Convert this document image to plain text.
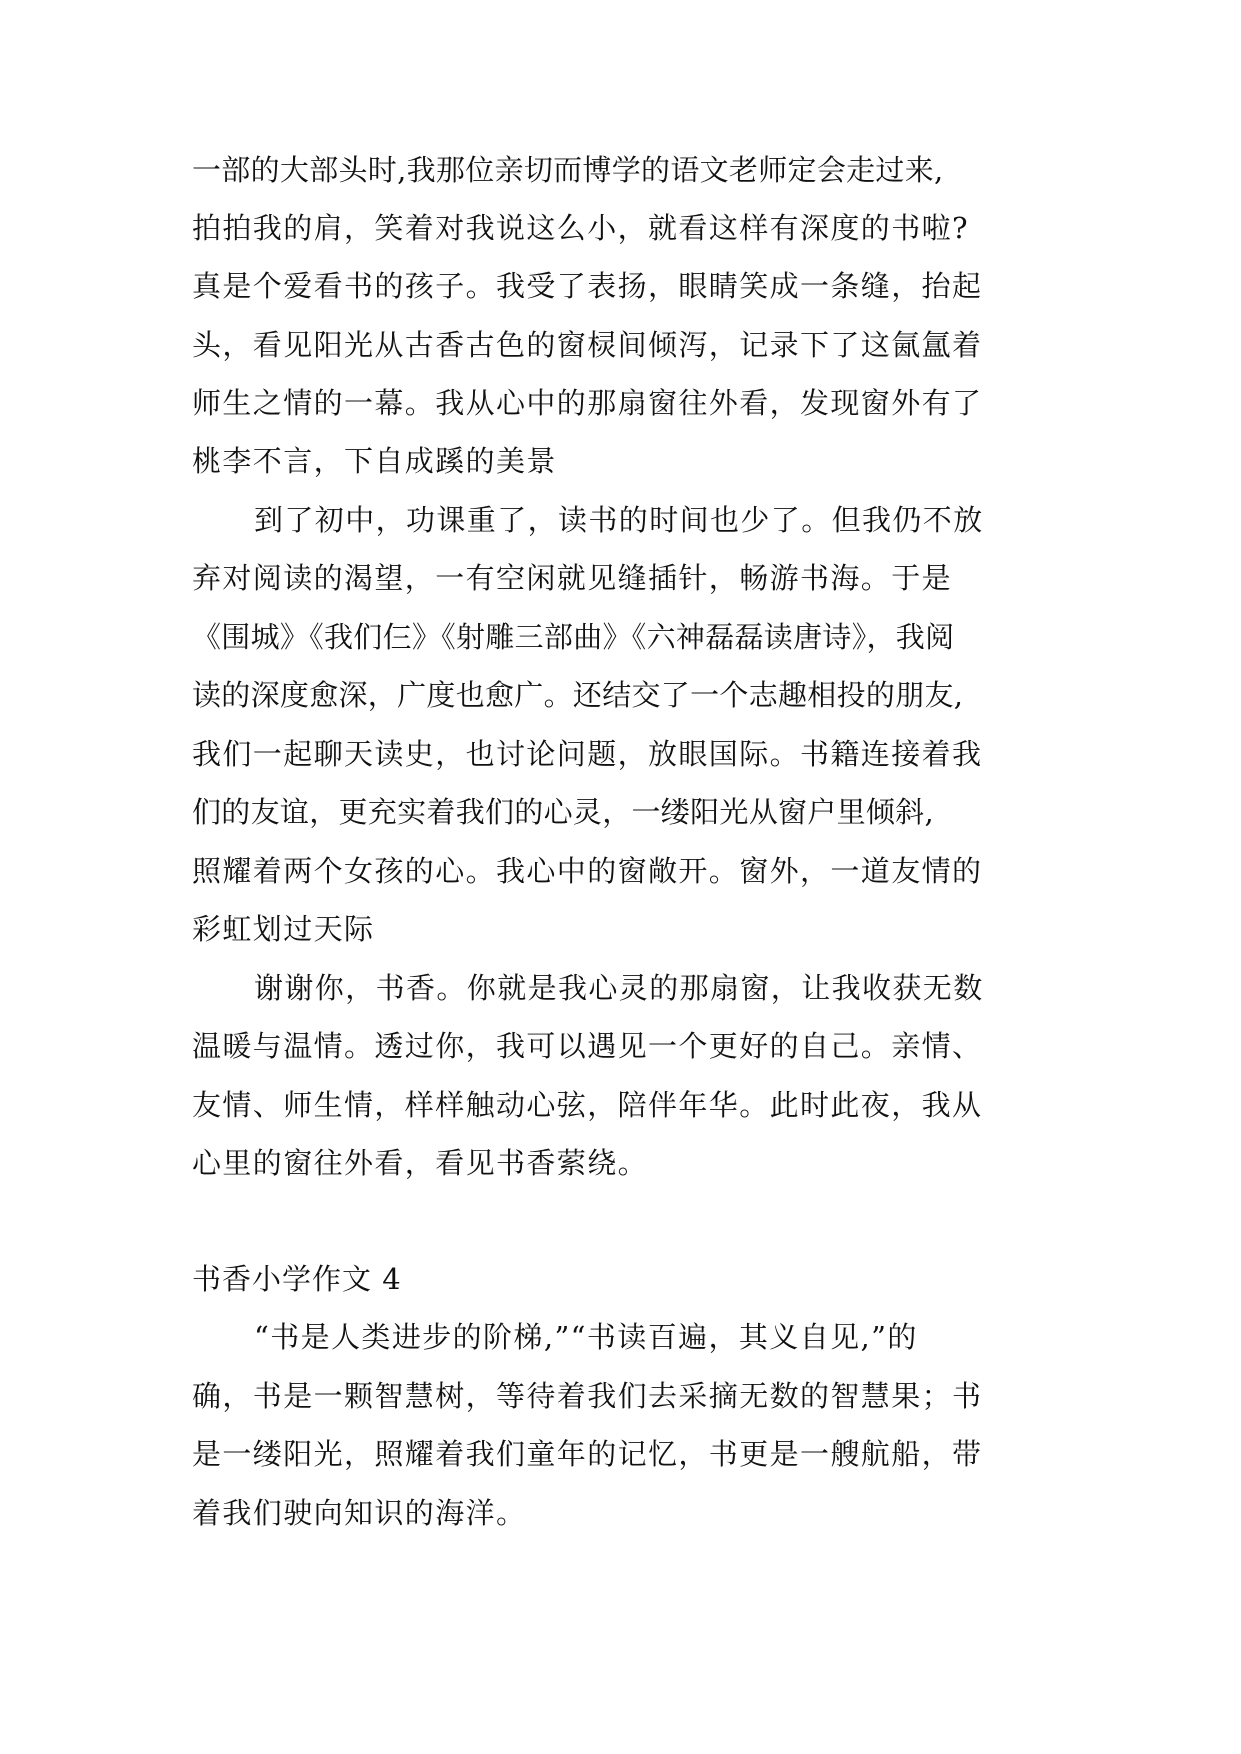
一部的大部头时,我那位亲切而博学的语文老师定会走过来,
拍拍我的肩，笑着对我说这么小，就看这样有深度的书啦?
真是个爱看书的孩子。我受了表扬，眼睛笑成一条缝，抬起
头，看见阳光从古香古色的窗棂间倾泻，记录下了这氤氲着
师生之情的一幕。我从心中的那扇窗往外看，发现窗外有了
桃李不言，下自成蹊的美景
到了初中，功课重了，读书的时间也少了。但我仍不放
弃对阅读的渴望，一有空闲就见缝插针，畅游书海。于是
《围城》《我们仨》《射雕三部曲》《六神磊磊读唐诗》，我阅
读的深度愈深，广度也愈广。还结交了一个志趣相投的朋友,
我们一起聊天读史，也讨论问题，放眼国际。书籍连接着我
们的友谊，更充实着我们的心灵，一缕阳光从窗户里倾斜,
照耀着两个女孩的心。我心中的窗敞开。窗外，一道友情的
彩虹划过天际
谢谢你，书香。你就是我心灵的那扇窗，让我收获无数
温暖与温情。透过你，我可以遇见一个更好的自己。亲情、
友情、师生情，样样触动心弦，陪伴年华。此时此夜，我从
心里的窗往外看，看见书香萦绕。
书香小学作文 4
“书是人类进步的阶梯,”“书读百遍，其义自见,”的
确，书是一颗智慧树，等待着我们去采摘无数的智慧果；书
是一缕阳光，照耀着我们童年的记忆，书更是一艘航船，带
着我们驶向知识的海洋。
